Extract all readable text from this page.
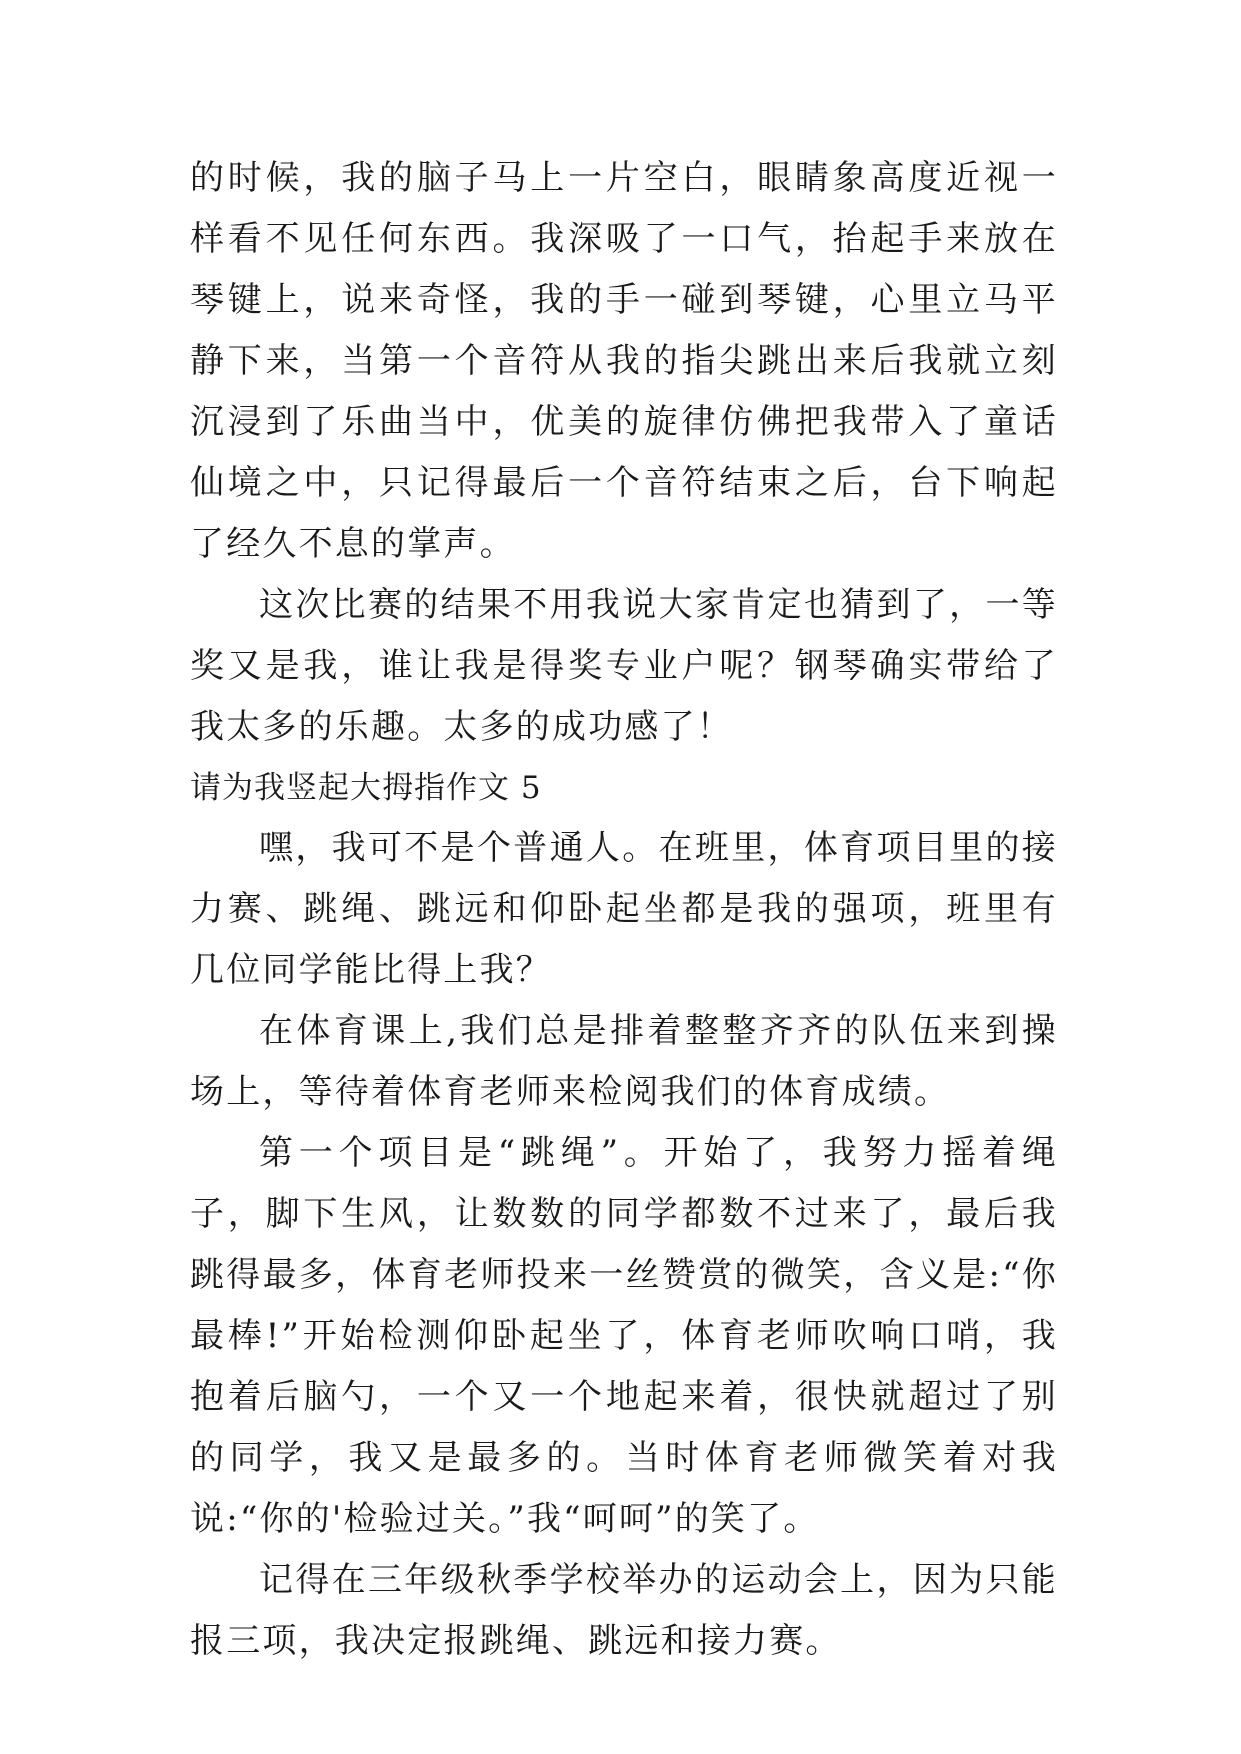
的时候，我的脑子马上一片空白，眼睛象高度近视一样看不见任何东西。我深吸了一口气，抬起手来放在琴键上，说来奇怪，我的手一碰到琴键，心里立马平静下来，当第一个音符从我的指尖跳出来后我就立刻沉浸到了乐曲当中，优美的旋律仿佛把我带入了童话仙境之中，只记得最后一个音符结束之后，台下响起了经久不息的掌声。

这次比赛的结果不用我说大家肯定也猜到了，一等奖又是我，谁让我是得奖专业户呢？钢琴确实带给了我太多的乐趣。太多的成功感了！

请为我竖起大拇指作文 5

嘿，我可不是个普通人。在班里，体育项目里的接力赛、跳绳、跳远和仰卧起坐都是我的强项，班里有几位同学能比得上我？

在体育课上,我们总是排着整整齐齐的队伍来到操场上，等待着体育老师来检阅我们的体育成绩。

第一个项目是“跳绳”。开始了，我努力摇着绳子，脚下生风，让数数的同学都数不过来了，最后我跳得最多，体育老师投来一丝赞赏的微笑，含义是:“你最棒!”开始检测仰卧起坐了，体育老师吹响口哨，我抱着后脑勺，一个又一个地起来着，很快就超过了别的同学，我又是最多的。当时体育老师微笑着对我说:“你的'检验过关。”我“呵呵”的笑了。

记得在三年级秋季学校举办的运动会上，因为只能报三项，我决定报跳绳、跳远和接力赛。
